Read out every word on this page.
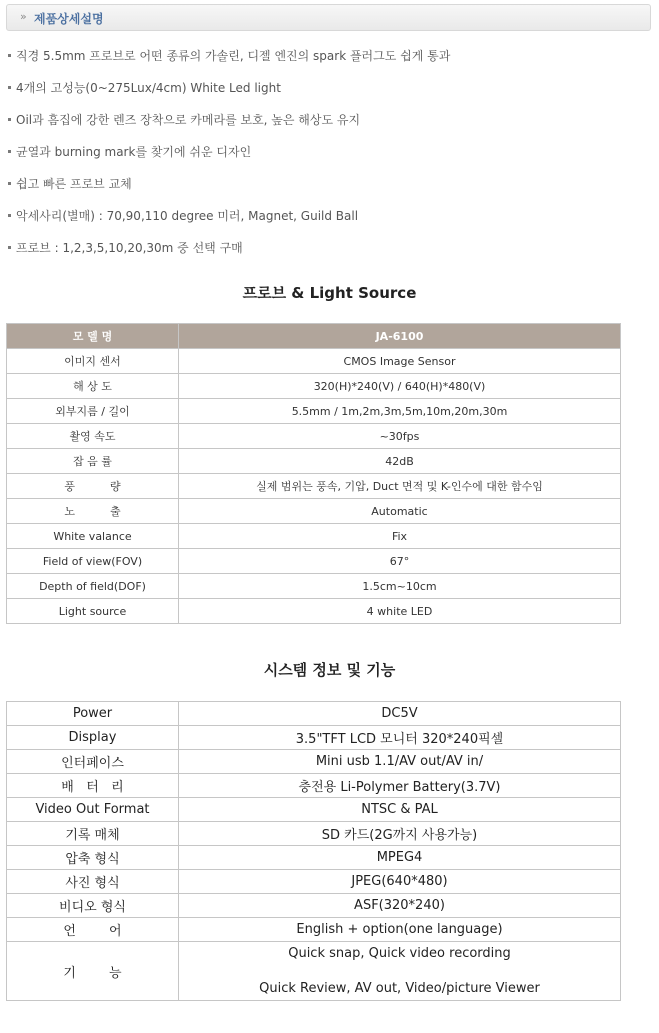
» 제품상세설명
직경 5.5mm 프로브로 어떤 종류의 가솔린, 디젤 엔진의 spark 플러그도 쉽게 통과
4개의 고성능(0~275Lux/4cm) White Led light
Oil과 흠집에 강한 렌즈 장착으로 카메라를 보호, 높은 해상도 유지
균열과 burning mark를 찾기에 쉬운 디자인
쉽고 빠른 프로브 교체
악세사리(별매) : 70,90,110 degree 미러, Magnet, Guild Ball
프로브 : 1,2,3,5,10,20,30m 중 선택 구매
프로브 & Light Source
모 델 명	JA-6100
이미지 센서	CMOS Image Sensor
해 상 도	320(H)*240(V) / 640(H)*480(V)
외부지름 / 길이	5.5mm / 1m,2m,3m,5m,10m,20m,30m
촬영 속도	~30fps
잡 음 률	42dB
풍          량	실제 범위는 풍속, 기압, Duct 면적 및 K-인수에 대한 함수임
노          출	Automatic
White valance	Fix
Field of view(FOV)	67°
Depth of field(DOF)	1.5cm~10cm
Light source	4 white LED
시스템 정보 및 기능
Power	DC5V
Display	3.5"TFT LCD 모니터 320*240픽셀
인터페이스	Mini usb 1.1/AV out/AV in/
배   터   리	충전용 Li-Polymer Battery(3.7V)
Video Out Format	NTSC & PAL
기록 매체	SD 카드(2G까지 사용가능)
압축 형식	MPEG4
사진 형식	JPEG(640*480)
비디오 형식	ASF(320*240)
언        어	English + option(one language)
기        능	Quick snap, Quick video recording
Quick Review, AV out, Video/picture Viewer
